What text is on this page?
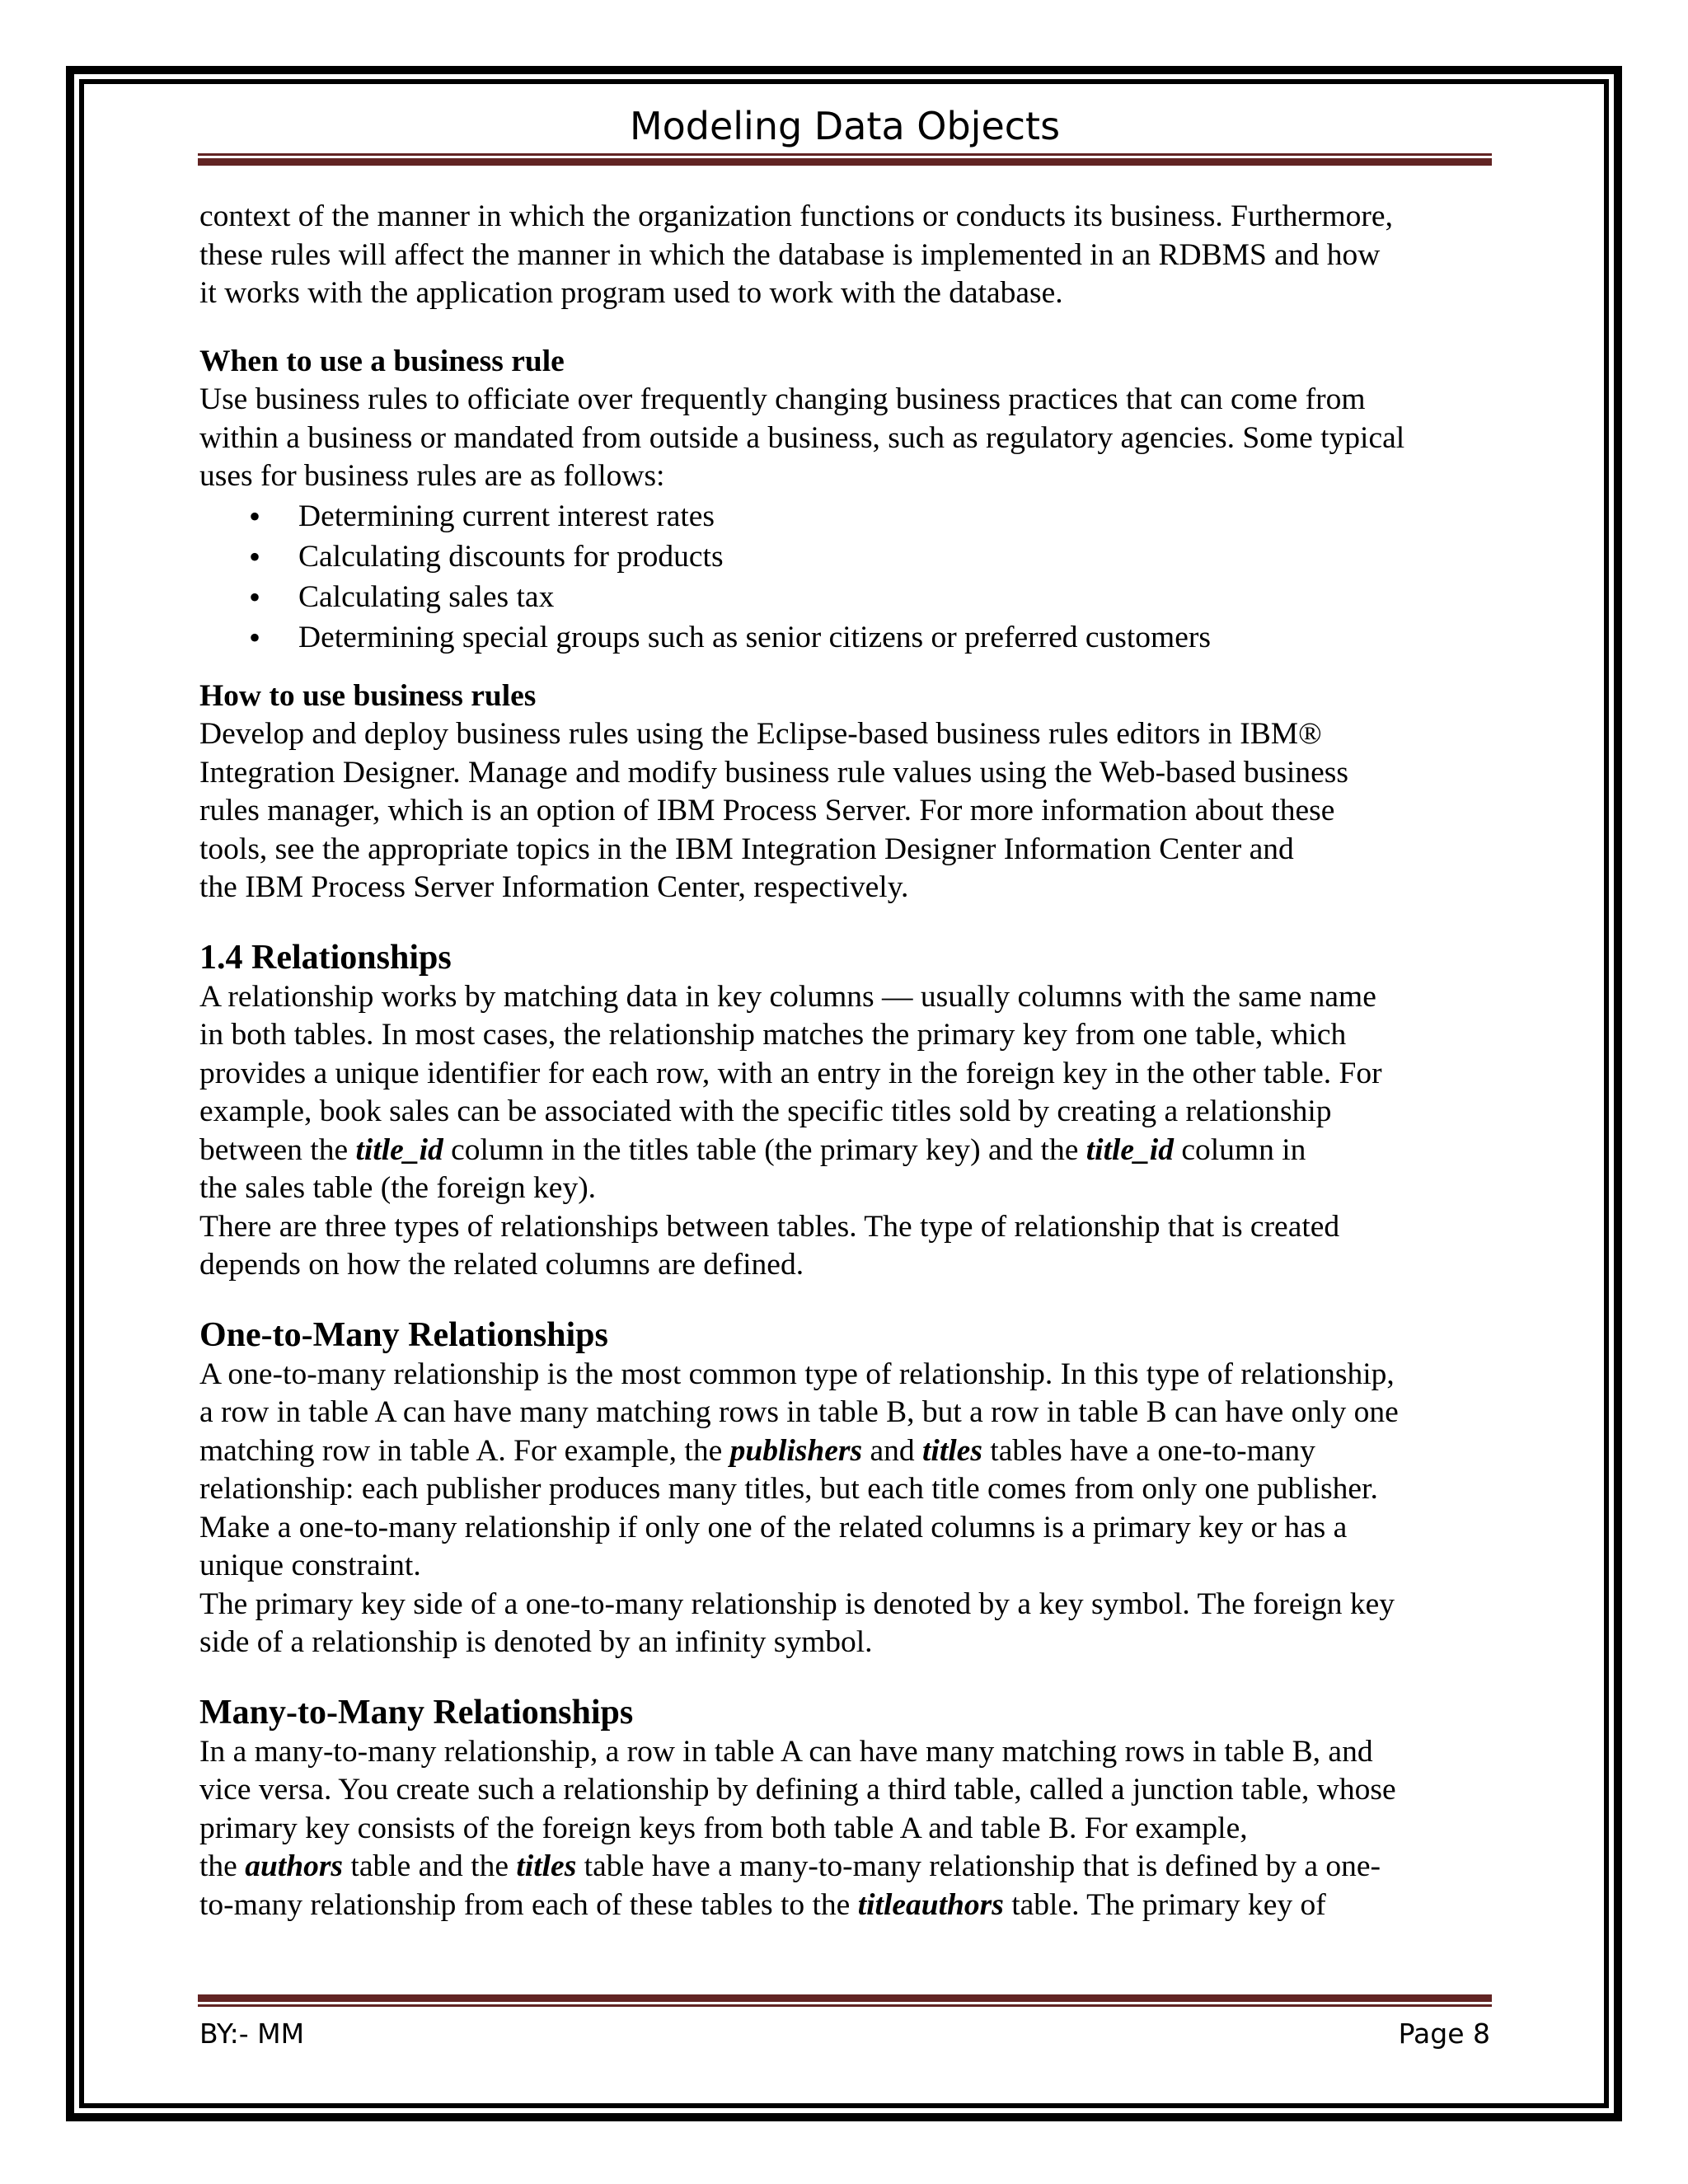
Modeling Data Objects

context of the manner in which the organization functions or conducts its business. Furthermore,

these rules will affect the manner in which the database is implemented in an RDBMS and how

it works with the application program used to work with the database.

When to use a business rule

Use business rules to officiate over frequently changing business practices that can come from

within a business or mandated from outside a business, such as regulatory agencies. Some typical

uses for business rules are as follows:

• Determining current interest rates
• Calculating discounts for products
• Calculating sales tax
• Determining special groups such as senior citizens or preferred customers

How to use business rules

Develop and deploy business rules using the Eclipse-based business rules editors in IBM®

Integration Designer. Manage and modify business rule values using the Web-based business

rules manager, which is an option of IBM Process Server. For more information about these

tools, see the appropriate topics in the IBM Integration Designer Information Center and

the IBM Process Server Information Center, respectively.

1.4 Relationships

A relationship works by matching data in key columns — usually columns with the same name

in both tables. In most cases, the relationship matches the primary key from one table, which

provides a unique identifier for each row, with an entry in the foreign key in the other table. For

example, book sales can be associated with the specific titles sold by creating a relationship

between the title_id column in the titles table (the primary key) and the title_id column in

the sales table (the foreign key).

There are three types of relationships between tables. The type of relationship that is created

depends on how the related columns are defined.

One-to-Many Relationships

A one-to-many relationship is the most common type of relationship. In this type of relationship,

a row in table A can have many matching rows in table B, but a row in table B can have only one

matching row in table A. For example, the publishers and titles tables have a one-to-many

relationship: each publisher produces many titles, but each title comes from only one publisher.

Make a one-to-many relationship if only one of the related columns is a primary key or has a

unique constraint.

The primary key side of a one-to-many relationship is denoted by a key symbol. The foreign key

side of a relationship is denoted by an infinity symbol.

Many-to-Many Relationships

In a many-to-many relationship, a row in table A can have many matching rows in table B, and

vice versa. You create such a relationship by defining a third table, called a junction table, whose

primary key consists of the foreign keys from both table A and table B. For example,

the authors table and the titles table have a many-to-many relationship that is defined by a one-

to-many relationship from each of these tables to the titleauthors table. The primary key of

BY:- MM	Page 8
